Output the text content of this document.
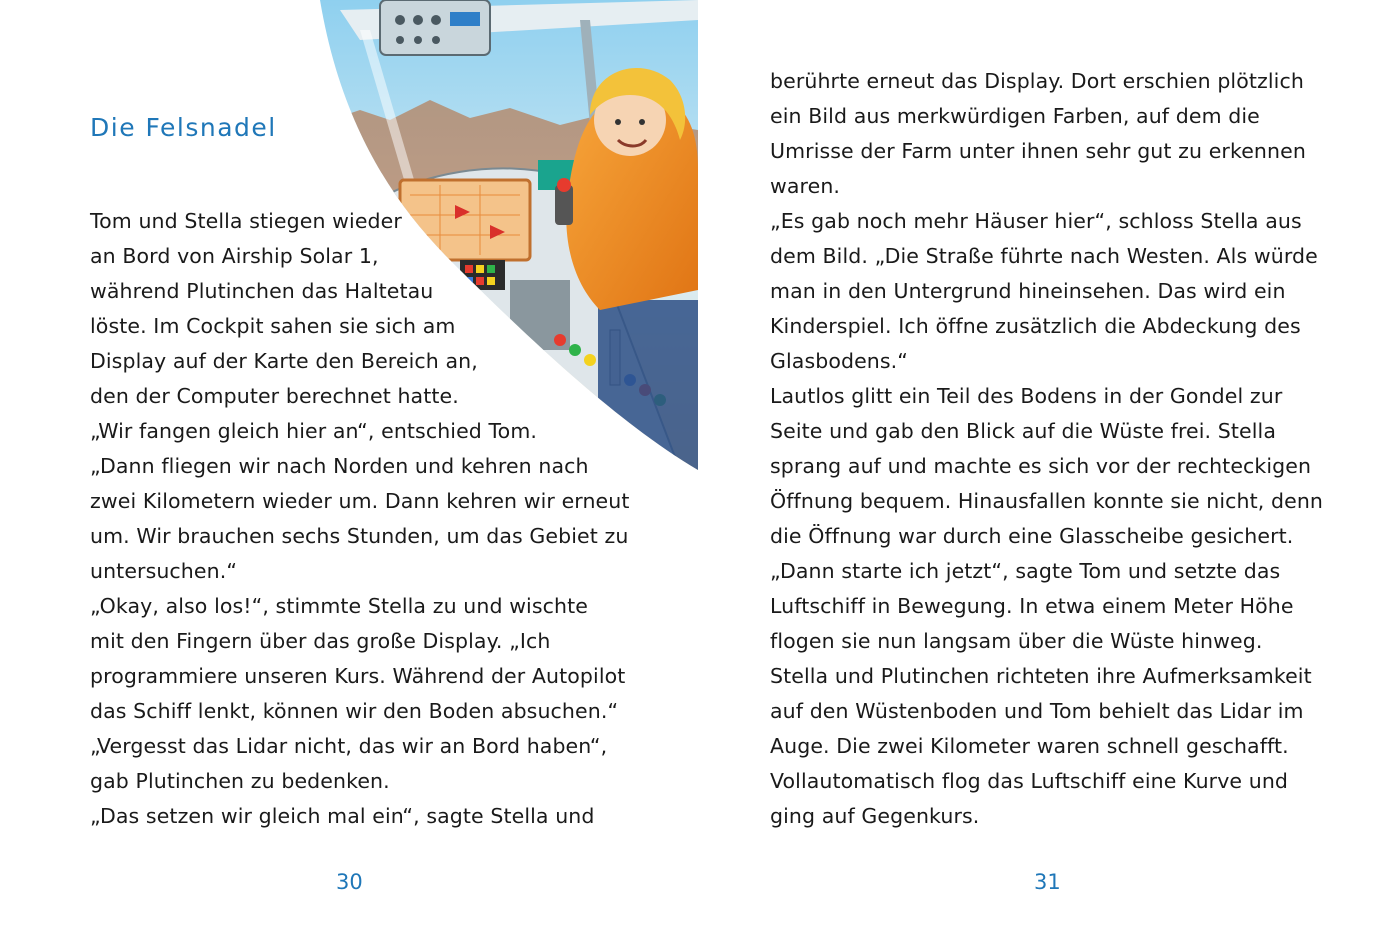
Die Felsnadel
Tom und Stella stiegen wieder
an Bord von Airship Solar 1,
während Plutinchen das Haltetau
löste. Im Cockpit sahen sie sich am
Display auf der Karte den Bereich an,
den der Computer berechnet hatte.
„Wir fangen gleich hier an“, entschied Tom.
„Dann fliegen wir nach Norden und kehren nach
zwei Kilometern wieder um. Dann kehren wir erneut
um. Wir brauchen sechs Stunden, um das Gebiet zu
untersuchen.“
„Okay, also los!“, stimmte Stella zu und wischte
mit den Fingern über das große Display. „Ich
programmiere unseren Kurs. Während der Autopilot
das Schiff lenkt, können wir den Boden absuchen.“
„Vergesst das Lidar nicht, das wir an Bord haben“,
gab Plutinchen zu bedenken.
„Das setzen wir gleich mal ein“, sagte Stella und
30
berührte erneut das Display. Dort erschien plötzlich
ein Bild aus merkwürdigen Farben, auf dem die
Umrisse der Farm unter ihnen sehr gut zu erkennen
waren.
„Es gab noch mehr Häuser hier“, schloss Stella aus
dem Bild. „Die Straße führte nach Westen. Als würde
man in den Untergrund hineinsehen. Das wird ein
Kinderspiel. Ich öffne zusätzlich die Abdeckung des
Glasbodens.“
Lautlos glitt ein Teil des Bodens in der Gondel zur
Seite und gab den Blick auf die Wüste frei. Stella
sprang auf und machte es sich vor der rechteckigen
Öffnung bequem. Hinausfallen konnte sie nicht, denn
die Öffnung war durch eine Glasscheibe gesichert.
„Dann starte ich jetzt“, sagte Tom und setzte das
Luftschiff in Bewegung. In etwa einem Meter Höhe
flogen sie nun langsam über die Wüste hinweg.
Stella und Plutinchen richteten ihre Aufmerksamkeit
auf den Wüstenboden und Tom behielt das Lidar im
Auge. Die zwei Kilometer waren schnell geschafft.
Vollautomatisch flog das Luftschiff eine Kurve und
ging auf Gegenkurs.
31
